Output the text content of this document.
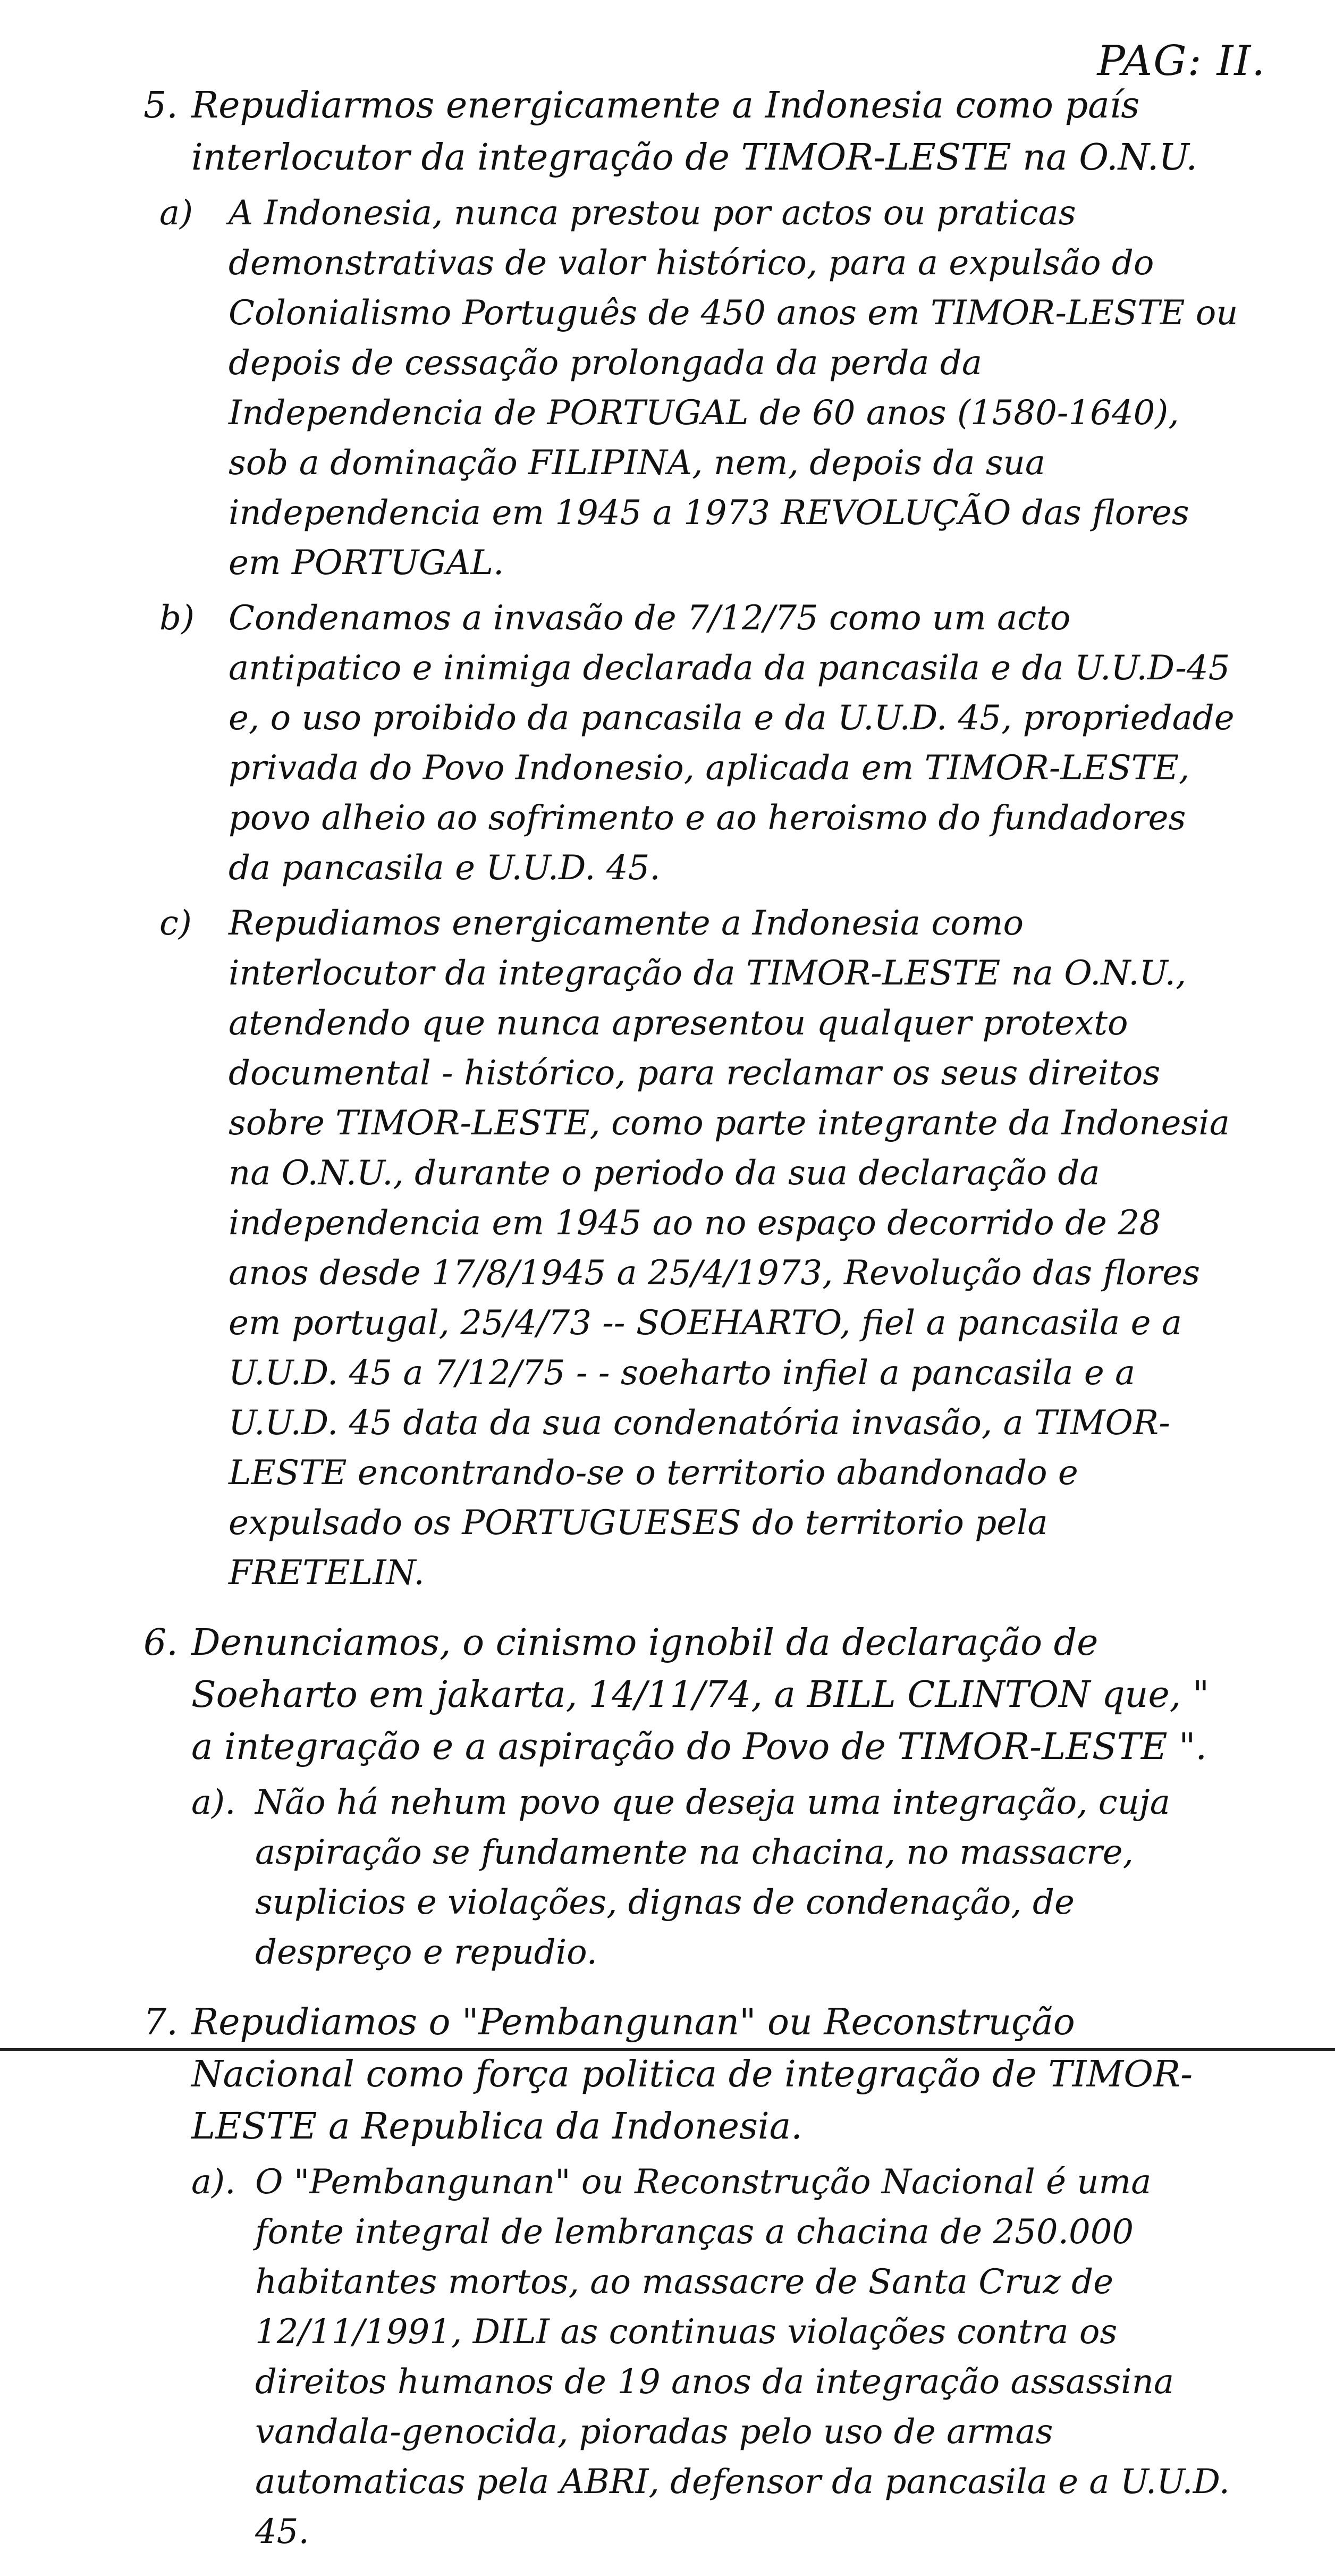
PAG: II.
5. Repudiarmos energicamente a Indonesia como país interlocutor da integração de TIMOR-LESTE na O.N.U.

a)	A Indonesia, nunca prestou por actos ou praticas demonstrativas de valor histórico, para a expulsão do Colonialismo Português de 450 anos em TIMOR-LESTE ou depois de cessação prolongada da perda da Independencia de PORTUGAL de 60 anos (1580-1640), sob a dominação FILIPINA, nem, depois da sua independencia em 1945 a 1973 REVOLUÇÃO das flores em PORTUGAL.

b)	Condenamos a invasão de 7/12/75 como um acto antipatico e inimiga declarada da pancasila e da U.U.D-45 e, o uso proibido da pancasila e da U.U.D. 45, propriedade privada do Povo Indonesio, aplicada em TIMOR-LESTE, povo alheio ao sofrimento e ao heroismo do fundadores da pancasila e U.U.D. 45.

c)	Repudiamos energicamente a Indonesia como interlocutor da integração da TIMOR-LESTE na O.N.U., atendendo que nunca apresentou qualquer protexto documental - histórico, para reclamar os seus direitos sobre TIMOR-LESTE, como parte integrante da Indonesia na O.N.U., durante o periodo da sua declaração da independencia em 1945 ao no espaço decorrido de 28 anos desde 17/8/1945 a 25/4/1973, Revolução das flores em portugal, 25/4/73 -- SOEHARTO, fiel a pancasila e a U.U.D. 45 a 7/12/75 - - soeharto infiel a pancasila e a U.U.D. 45 data da sua condenatória invasão, a TIMOR-LESTE encontrando-se o territorio abandonado e expulsado os PORTUGUESES do territorio pela FRETELIN.

6. Denunciamos, o cinismo ignobil da declaração de Soeharto em jakarta, 14/11/74, a BILL CLINTON que, " a integração e a aspiração do Povo de TIMOR-LESTE ".

a). Não há nehum povo que deseja uma integração, cuja aspiração se fundamente na chacina, no massacre, suplicios e violações, dignas de condenação, de despreço e repudio.

7. Repudiamos o "Pembangunan" ou Reconstrução Nacional como força politica de integração de TIMOR-LESTE a Republica da Indonesia.

a). O "Pembangunan" ou Reconstrução Nacional é uma fonte integral de lembranças a chacina de 250.000 habitantes mortos, ao massacre de Santa Cruz de 12/11/1991, DILI as continuas violações contra os direitos humanos de 19 anos da integração assassina vandala-genocida, pioradas pelo uso de armas automaticas pela ABRI, defensor da pancasila e a U.U.D. 45.
